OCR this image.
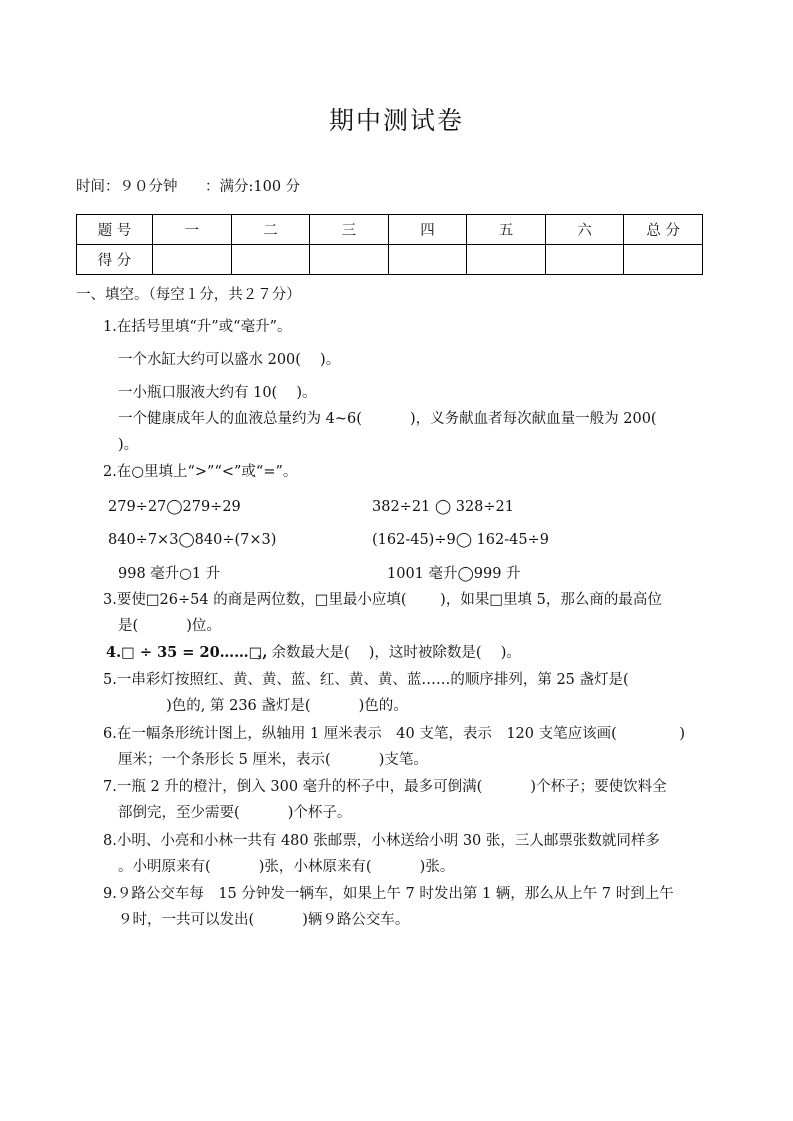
期中测试卷
时间：９０分钟 ：满分:100 分
题 号	一	二	三	四	五	六	总 分
得 分							
一、填空。（每空１分，共２７分）
1.在括号里填“升”或“毫升”。
一个水缸大约可以盛水 200(　 )。
一小瓶口服液大约有 10(　 )。
一个健康成年人的血液总量约为 4~6(　　　 )，义务献血者每次献血量一般为 200(
)。
2.在○里填上“>”“<”或“=”。
279÷27◯279÷29	382÷21 ◯ 328÷21
840÷7×3◯840÷(7×3)	(162-45)÷9◯ 162-45÷9
998 毫升○1 升	1001 毫升◯999 升
3.要使□26÷54 的商是两位数，□里最小应填(　　 )，如果□里填 5，那么商的最高位
是(　　　 )位。
4.□ ÷ 35 = 20……□,
，余数最大是(　 )，这时被除数是(　 )。
5.一串彩灯按照红、黄、黄、蓝、红、黄、黄、蓝……的顺序排列，第 25 盏灯是(
　　　 )色的, 第 236 盏灯是(　　　 )色的。
6.在一幅条形统计图上，纵轴用 1 厘米表示　40 支笔，表示　120 支笔应该画(　　　　 )
厘米；一个条形长 5 厘米，表示(　　　 )支笔。
7.一瓶 2 升的橙汁，倒入 300 毫升的杯子中，最多可倒满(　　　 )个杯子；要使饮料全
部倒完，至少需要(　　　 )个杯子。
8.小明、小亮和小林一共有 480 张邮票，小林送给小明 30 张，三人邮票张数就同样多
。小明原来有(　　　 )张，小林原来有(　　　 )张。
9.９路公交车每　15 分钟发一辆车，如果上午 7 时发出第 1 辆，那么从上午 7 时到上午
９时，一共可以发出(　　　 )辆９路公交车。
